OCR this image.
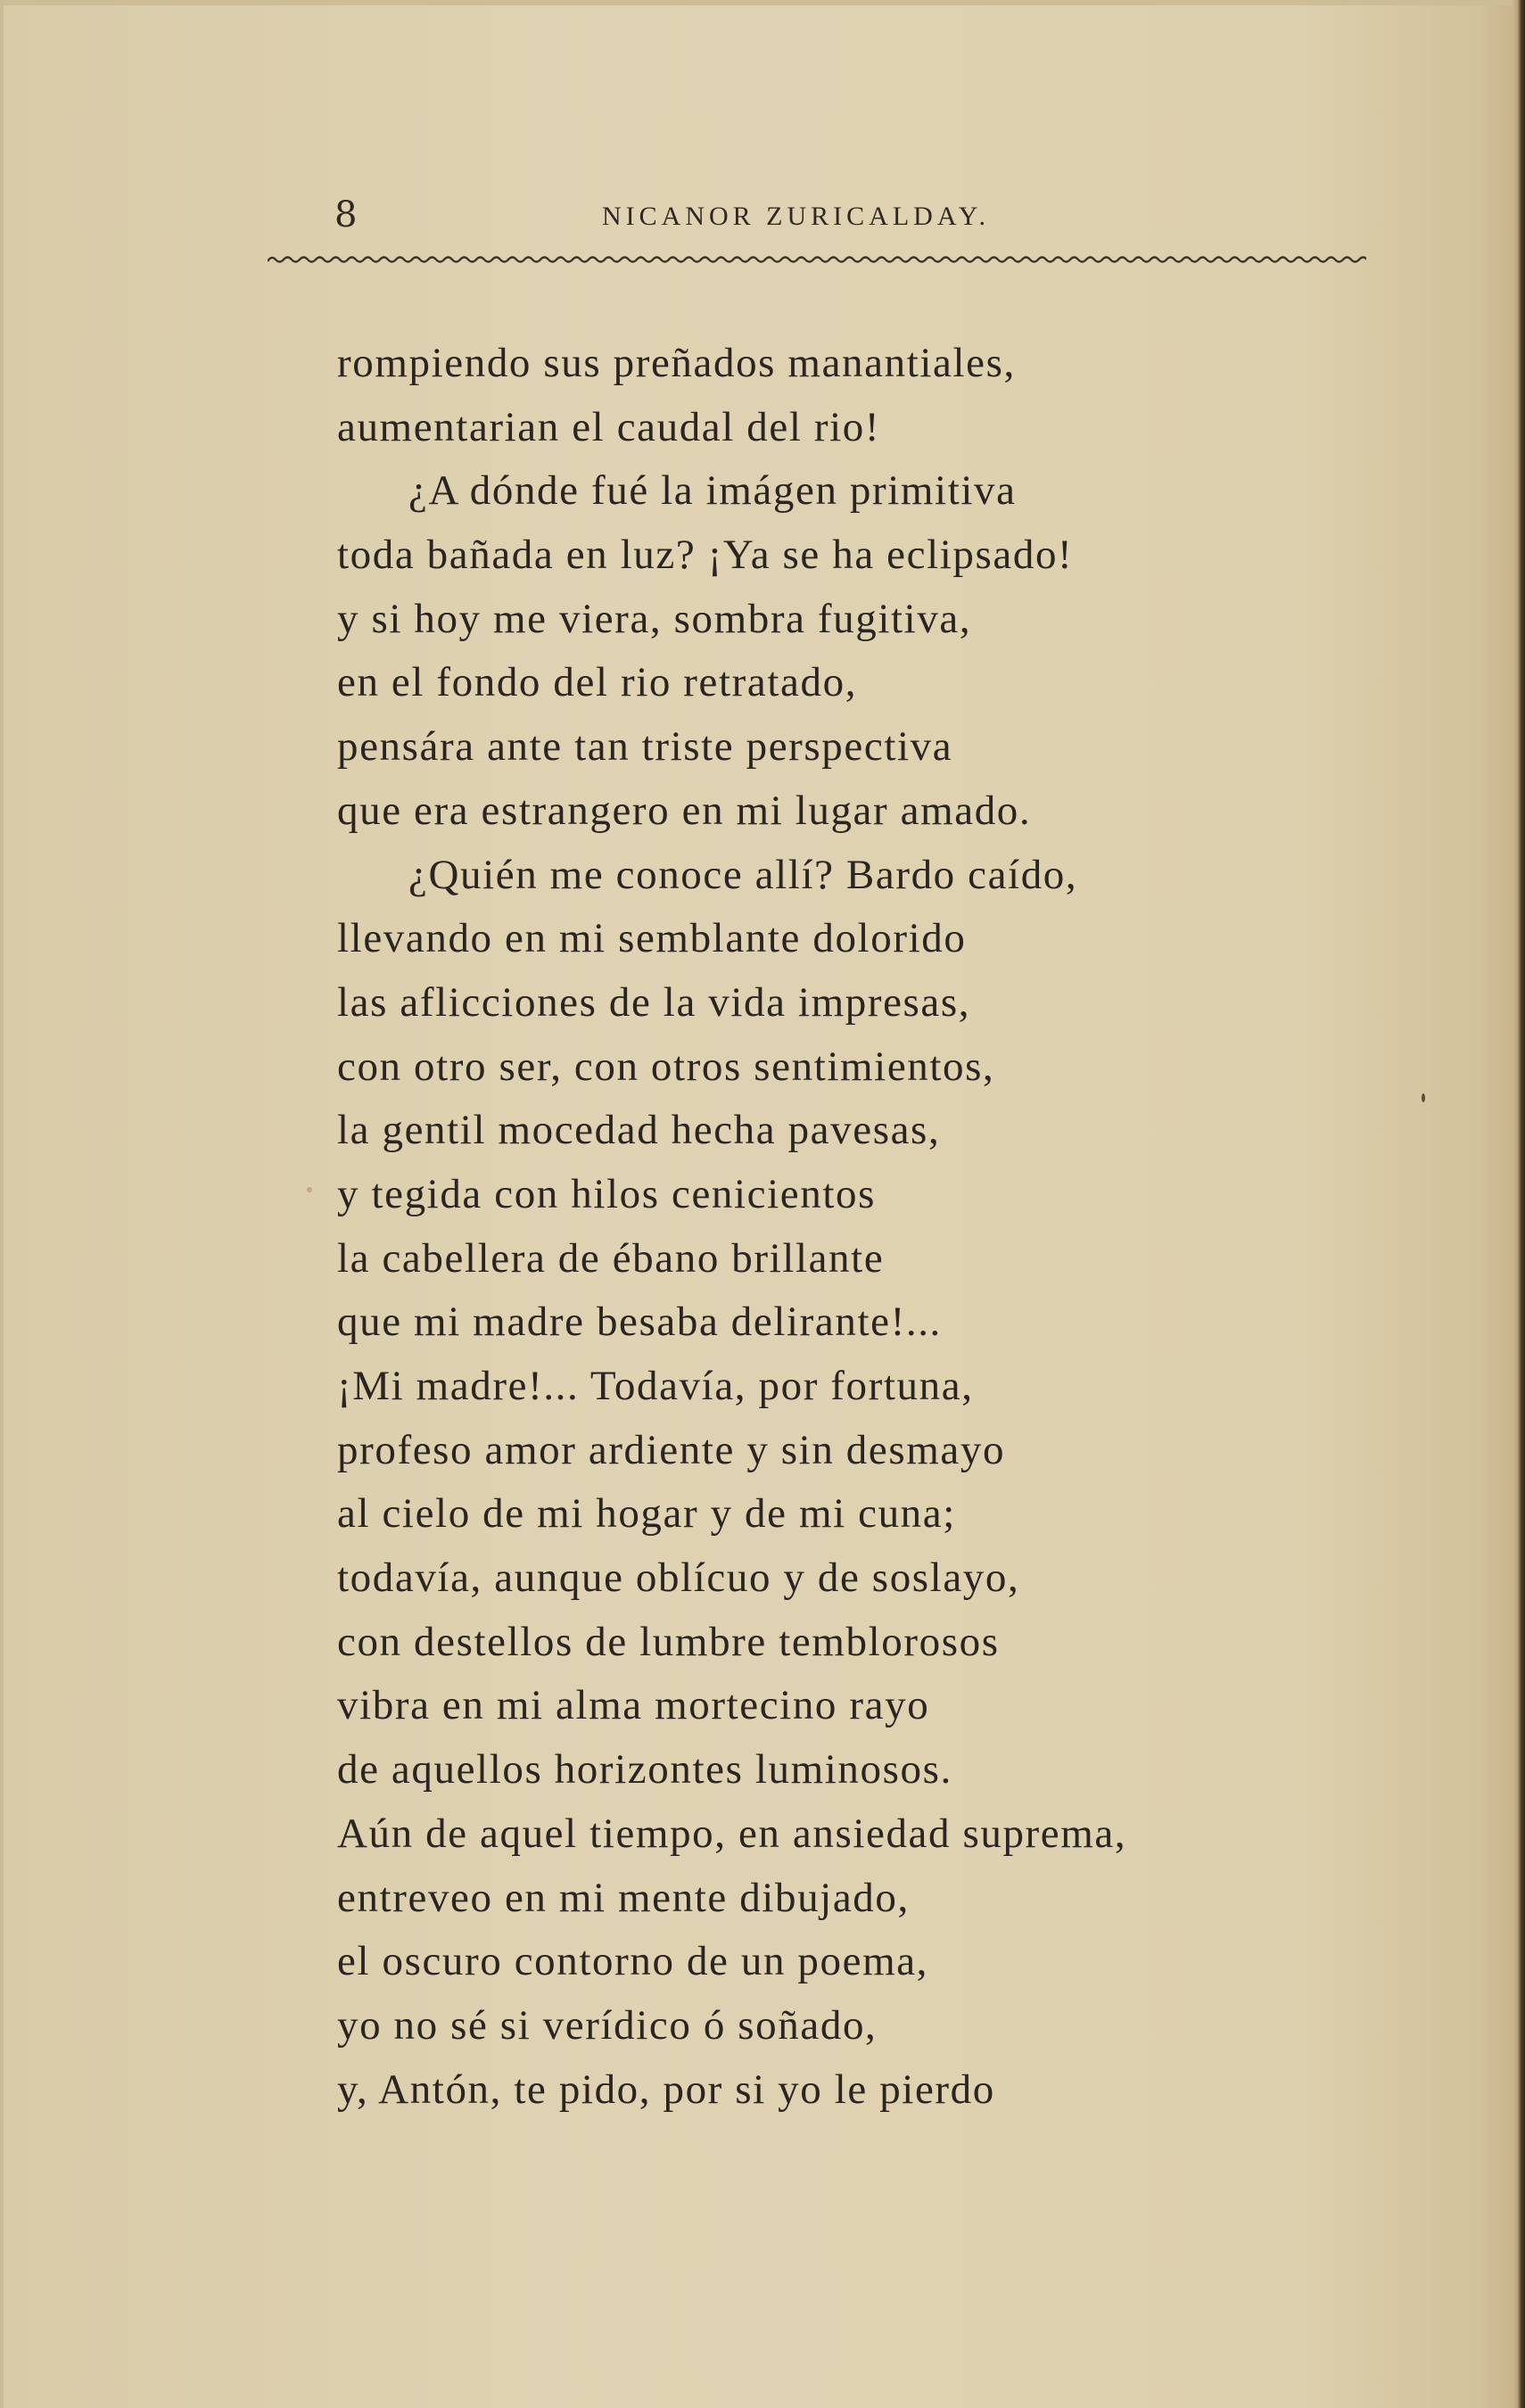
8	NICANOR ZURICALDAY.
rompiendo sus preñados manantiales,
aumentarian el caudal del rio!
¿A dónde fué la imágen primitiva
toda bañada en luz? ¡Ya se ha eclipsado!
y si hoy me viera, sombra fugitiva,
en el fondo del rio retratado,
pensára ante tan triste perspectiva
que era estrangero en mi lugar amado.
¿Quién me conoce allí? Bardo caído,
llevando en mi semblante dolorido
las aflicciones de la vida impresas,
con otro ser, con otros sentimientos,
la gentil mocedad hecha pavesas,
y tegida con hilos cenicientos
la cabellera de ébano brillante
que mi madre besaba delirante!...
¡Mi madre!... Todavía, por fortuna,
profeso amor ardiente y sin desmayo
al cielo de mi hogar y de mi cuna;
todavía, aunque oblícuo y de soslayo,
con destellos de lumbre temblorosos
vibra en mi alma mortecino rayo
de aquellos horizontes luminosos.
Aún de aquel tiempo, en ansiedad suprema,
entreveo en mi mente dibujado,
el oscuro contorno de un poema,
yo no sé si verídico ó soñado,
y, Antón, te pido, por si yo le pierdo
